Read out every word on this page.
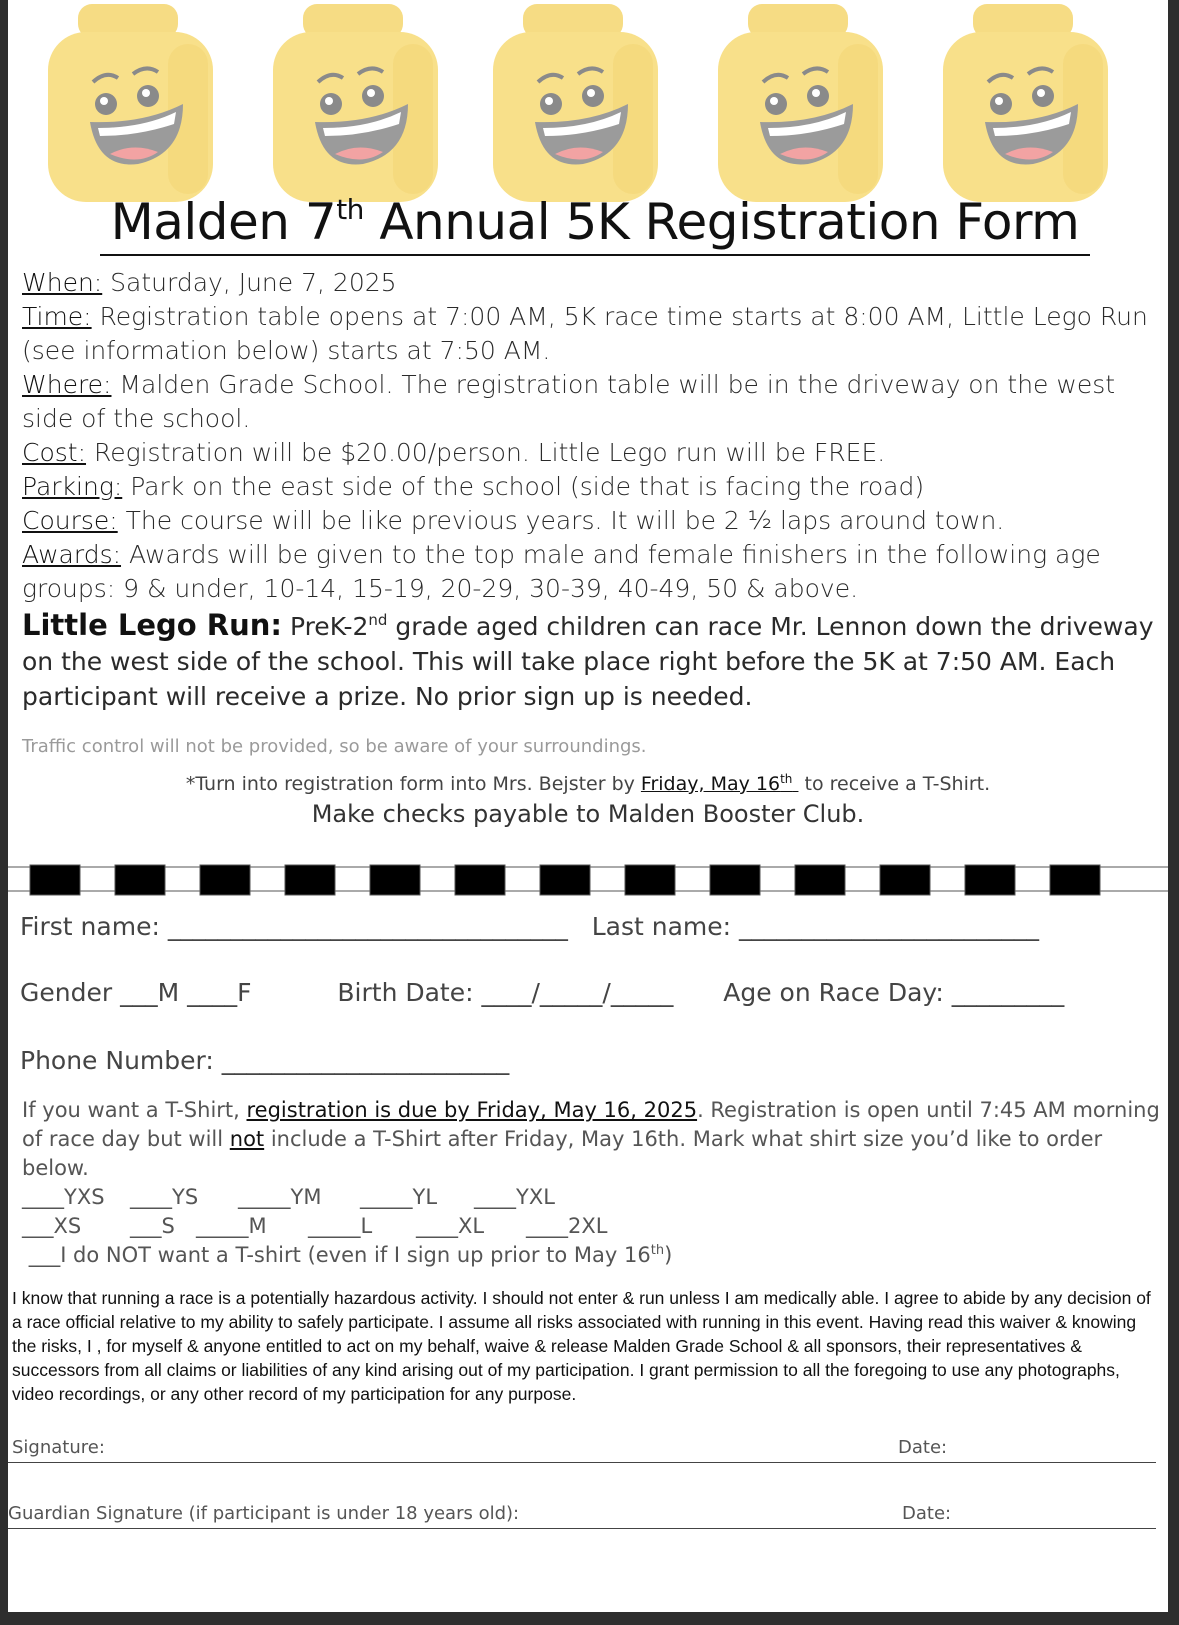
Malden 7th Annual 5K Registration Form

When: Saturday, June 7, 2025

Time: Registration table opens at 7:00 AM, 5K race time starts at 8:00 AM, Little Lego Run (see information below) starts at 7:50 AM.

Where: Malden Grade School. The registration table will be in the driveway on the west side of the school.

Cost: Registration will be $20.00/person. Little Lego run will be FREE.

Parking: Park on the east side of the school (side that is facing the road)

Course: The course will be like previous years. It will be 2 ½ laps around town.

Awards: Awards will be given to the top male and female finishers in the following age groups: 9 & under, 10-14, 15-19, 20-29, 30-39, 40-49, 50 & above.

Little Lego Run: PreK-2nd grade aged children can race Mr. Lennon down the driveway on the west side of the school. This will take place right before the 5K at 7:50 AM. Each participant will receive a prize. No prior sign up is needed.
Traffic control will not be provided, so be aware of your surroundings.
*Turn into registration form into Mrs. Bejster by Friday, May 16th  to receive a T-Shirt.
Make checks payable to Malden Booster Club.
First name: ________________________________ Last name: ________________________
Gender ___M ____F	Birth Date: ____/_____/_____ Age on Race Day: _________
Phone Number: _______________________

If you want a T-Shirt, registration is due by Friday, May 16, 2025. Registration is open until 7:45 AM morning of race day but will not include a T-Shirt after Friday, May 16th. Mark what shirt size you’d like to order below.

____YXS ____YS _____YM _____YL ____YXL

___XS ___S _____M _____L ____XL ____2XL

___I do NOT want a T-shirt (even if I sign up prior to May 16th)

I know that running a race is a potentially hazardous activity. I should not enter & run unless I am medically able. I agree to abide by any decision of a race official relative to my ability to safely participate. I assume all risks associated with running in this event. Having read this waiver & knowing the risks, I , for myself & anyone entitled to act on my behalf, waive & release Malden Grade School & all sponsors, their representatives & successors from all claims or liabilities of any kind arising out of my participation. I grant permission to all the foregoing to use any photographs, video recordings, or any other record of my participation for any purpose.
Signature:	Date:
Guardian Signature (if participant is under 18 years old):	Date:
